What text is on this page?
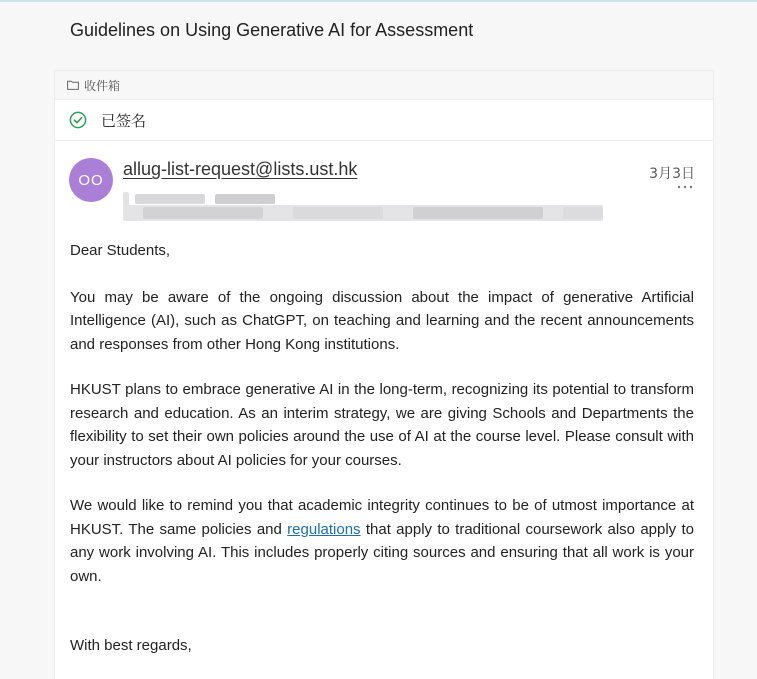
Guidelines on Using Generative AI for Assessment
收件箱
已签名
OO
allug-list-request@lists.ust.hk	3月3日

Dear Students,

You may be aware of the ongoing discussion about the impact of generative Artificial Intelligence (AI), such as ChatGPT, on teaching and learning and the recent announcements and responses from other Hong Kong institutions.

HKUST plans to embrace generative AI in the long-term, recognizing its potential to transform research and education. As an interim strategy, we are giving Schools and Departments the flexibility to set their own policies around the use of AI at the course level. Please consult with your instructors about AI policies for your courses.

We would like to remind you that academic integrity continues to be of utmost importance at HKUST. The same policies and regulations that apply to traditional coursework also apply to any work involving AI. This includes properly citing sources and ensuring that all work is your own.

With best regards,
